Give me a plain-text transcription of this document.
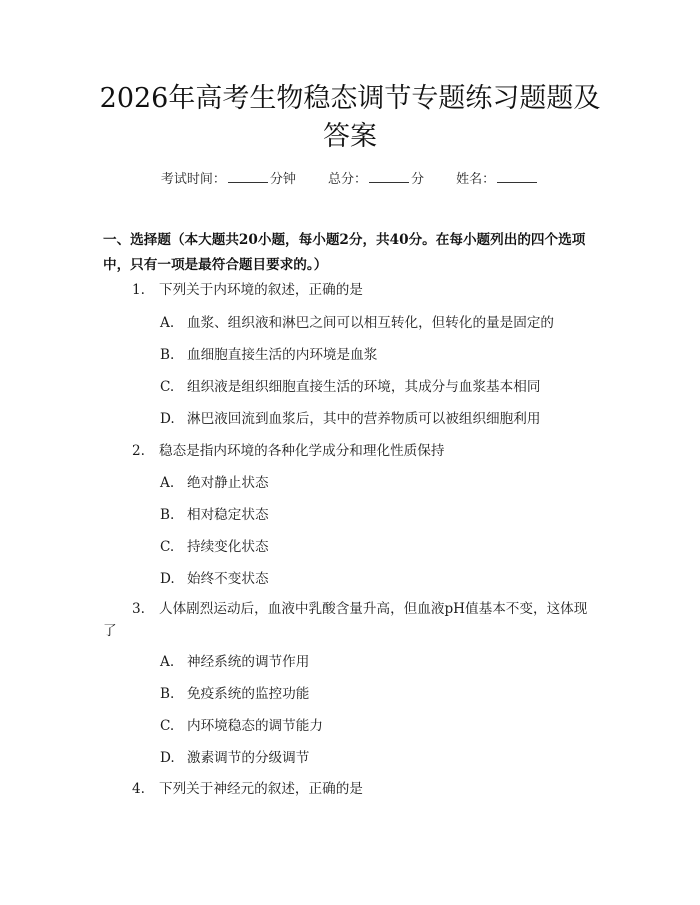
2026年高考生物稳态调节专题练习题题及答案
考试时间：	分钟 总分：	分 姓名：
一、选择题（本大题共20小题，每小题2分，共40分。在每小题列出的四个选项中，只有一项是最符合题目要求的。）
1. 下列关于内环境的叙述，正确的是
A. 血浆、组织液和淋巴之间可以相互转化，但转化的量是固定的
B. 血细胞直接生活的内环境是血浆
C. 组织液是组织细胞直接生活的环境，其成分与血浆基本相同
D. 淋巴液回流到血浆后，其中的营养物质可以被组织细胞利用
2. 稳态是指内环境的各种化学成分和理化性质保持
A. 绝对静止状态
B. 相对稳定状态
C. 持续变化状态
D. 始终不变状态
3. 人体剧烈运动后，血液中乳酸含量升高，但血液pH值基本不变，这体现了
A. 神经系统的调节作用
B. 免疫系统的监控功能
C. 内环境稳态的调节能力
D. 激素调节的分级调节
4. 下列关于神经元的叙述，正确的是
